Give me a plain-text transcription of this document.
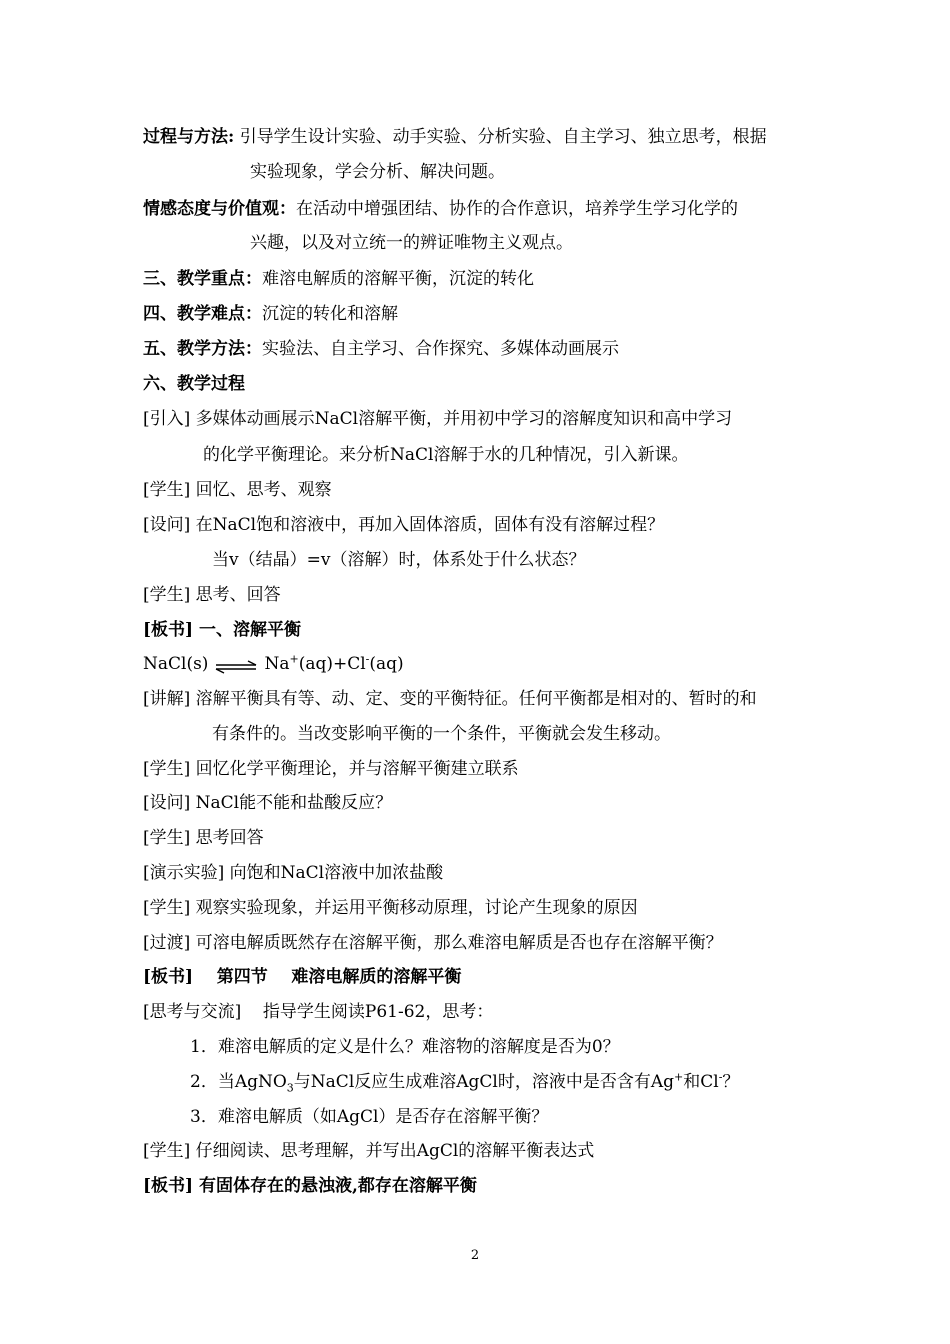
过程与方法: 引导学生设计实验、动手实验、分析实验、自主学习、独立思考，根据
实验现象，学会分析、解决问题。
情感态度与价值观：在活动中增强团结、协作的合作意识，培养学生学习化学的
兴趣，以及对立统一的辨证唯物主义观点。
三、教学重点：难溶电解质的溶解平衡，沉淀的转化
四、教学难点：沉淀的转化和溶解
五、教学方法：实验法、自主学习、合作探究、多媒体动画展示
六、教学过程
[引入] 多媒体动画展示NaCl溶解平衡，并用初中学习的溶解度知识和高中学习
的化学平衡理论。来分析NaCl溶解于水的几种情况，引入新课。
[学生] 回忆、思考、观察
[设问] 在NaCl饱和溶液中，再加入固体溶质，固体有没有溶解过程？
当v（结晶）=v（溶解）时，体系处于什么状态？
[学生] 思考、回答
[板书] 一、溶解平衡
NaCl(s) ⇌ Na+(aq)+Cl-(aq)
[讲解] 溶解平衡具有等、动、定、变的平衡特征。任何平衡都是相对的、暂时的和
有条件的。当改变影响平衡的一个条件，平衡就会发生移动。
[学生] 回忆化学平衡理论，并与溶解平衡建立联系
[设问] NaCl能不能和盐酸反应？
[学生] 思考回答
[演示实验] 向饱和NaCl溶液中加浓盐酸
[学生] 观察实验现象，并运用平衡移动原理，讨论产生现象的原因
[过渡] 可溶电解质既然存在溶解平衡，那么难溶电解质是否也存在溶解平衡？
[板书]    第四节    难溶电解质的溶解平衡
[思考与交流]    指导学生阅读P61-62，思考：
1．难溶电解质的定义是什么？难溶物的溶解度是否为0？
2．当AgNO$_3$与NaCl反应生成难溶AgCl时，溶液中是否含有Ag+和Cl-？
3．难溶电解质（如AgCl）是否存在溶解平衡？
[学生] 仔细阅读、思考理解，并写出AgCl的溶解平衡表达式
[板书] 有固体存在的悬浊液,都存在溶解平衡
2
